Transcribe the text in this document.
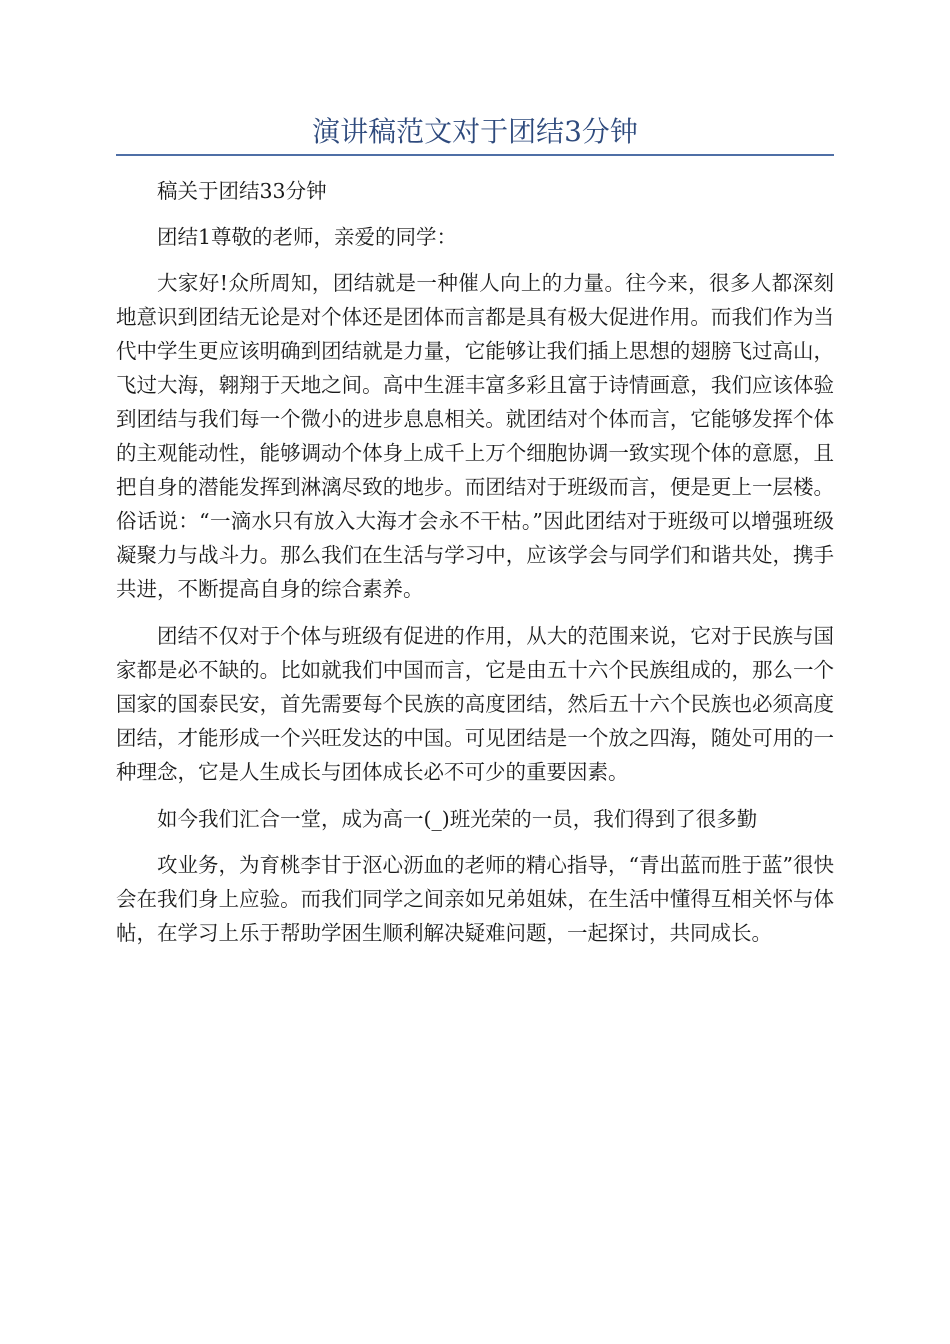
演讲稿范文对于团结3分钟

稿关于团结33分钟

团结1尊敬的老师，亲爱的同学：

大家好!众所周知，团结就是一种催人向上的力量。往今来，很多人都深刻地意识到团结无论是对个体还是团体而言都是具有极大促进作用。而我们作为当代中学生更应该明确到团结就是力量，它能够让我们插上思想的翅膀飞过高山，飞过大海，翱翔于天地之间。高中生涯丰富多彩且富于诗情画意，我们应该体验到团结与我们每一个微小的进步息息相关。就团结对个体而言，它能够发挥个体的主观能动性，能够调动个体身上成千上万个细胞协调一致实现个体的意愿，且把自身的潜能发挥到淋漓尽致的地步。而团结对于班级而言，便是更上一层楼。俗话说：“一滴水只有放入大海才会永不干枯。”因此团结对于班级可以增强班级凝聚力与战斗力。那么我们在生活与学习中，应该学会与同学们和谐共处，携手共进，不断提高自身的综合素养。

团结不仅对于个体与班级有促进的作用，从大的范围来说，它对于民族与国家都是必不缺的。比如就我们中国而言，它是由五十六个民族组成的，那么一个国家的国泰民安，首先需要每个民族的高度团结，然后五十六个民族也必须高度团结，才能形成一个兴旺发达的中国。可见团结是一个放之四海，随处可用的一种理念，它是人生成长与团体成长必不可少的重要因素。

如今我们汇合一堂，成为高一(_)班光荣的一员，我们得到了很多勤

攻业务，为育桃李甘于沤心沥血的老师的精心指导，“青出蓝而胜于蓝”很快会在我们身上应验。而我们同学之间亲如兄弟姐妹，在生活中懂得互相关怀与体帖，在学习上乐于帮助学困生顺利解决疑难问题，一起探讨，共同成长。
